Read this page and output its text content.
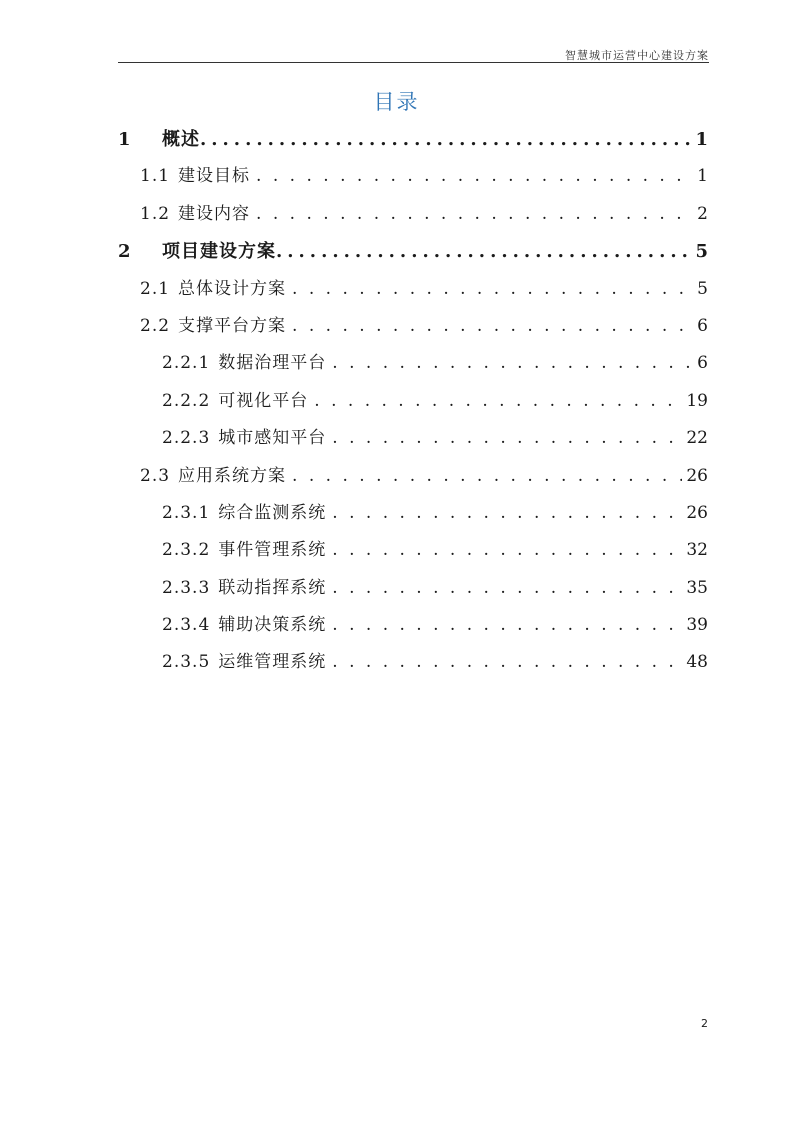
智慧城市运营中心建设方案
目录
1	概述 .....	1
1.1 建设目标 . . .	1
1.2 建设内容 . . .	2
2	项目建设方案 .....	5
2.1 总体设计方案 . . .	5
2.2 支撑平台方案 . . .	6
2.2.1 数据治理平台 . . .	6
2.2.2 可视化平台 . . .	19
2.2.3 城市感知平台 . . .	22
2.3 应用系统方案 . . .	26
2.3.1 综合监测系统 . . .	26
2.3.2 事件管理系统 . . .	32
2.3.3 联动指挥系统 . . .	35
2.3.4 辅助决策系统 . . .	39
2.3.5 运维管理系统 . . .	48
2
